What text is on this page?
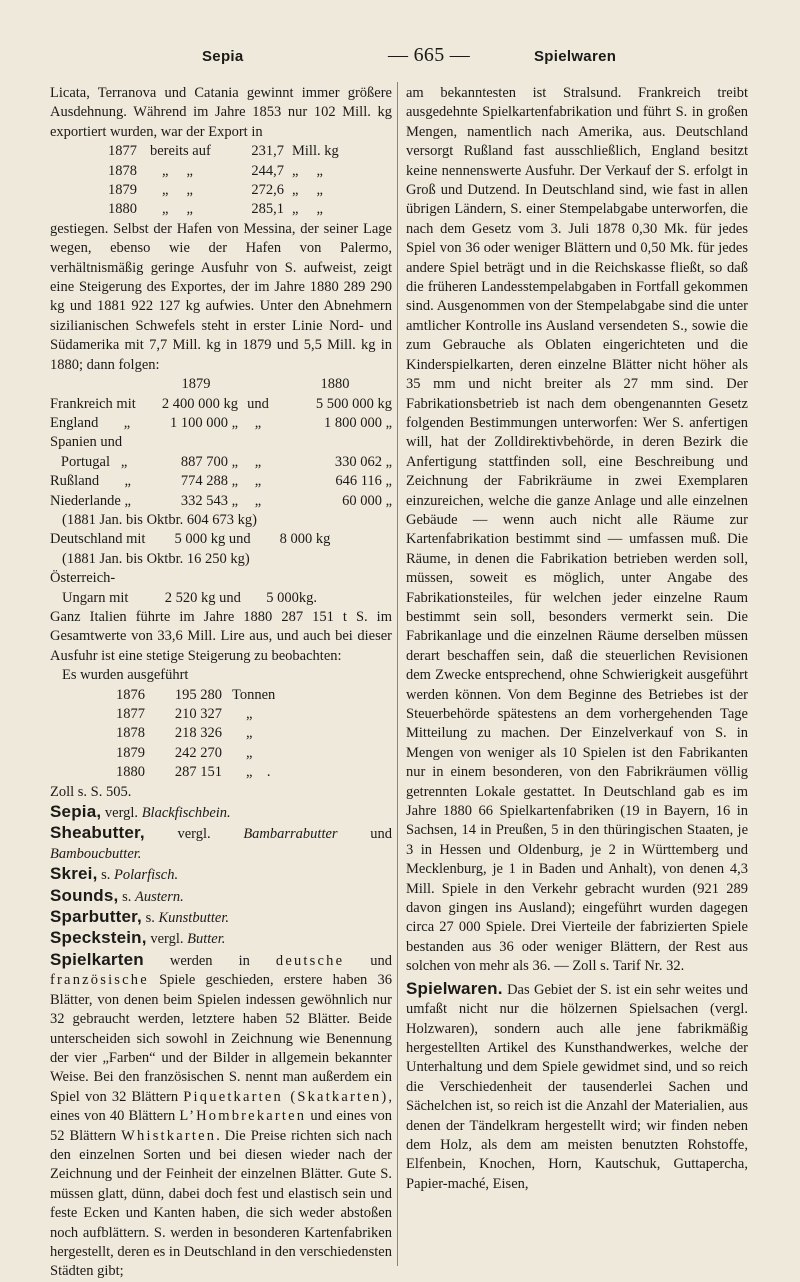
Sepia	— 665 —	Spielwaren

Licata, Terranova und Catania gewinnt immer größere Ausdehnung. Während im Jahre 1853 nur 102 Mill. kg exportiert wurden, war der Export in

1877	bereits auf	231,7	Mill. kg
1878	„     „	244,7	„     „
1879	„     „	272,6	„     „
1880	„     „	285,1	„     „

gestiegen. Selbst der Hafen von Messina, der seiner Lage wegen, ebenso wie der Hafen von Palermo, verhältnismäßig geringe Ausfuhr von S. aufweist, zeigt eine Steigerung des Exportes, der im Jahre 1880 289 290 kg und 1881 922 127 kg aufwies. Unter den Abnehmern sizilianischen Schwefels steht in erster Linie Nord- und Südamerika mit 7,7 Mill. kg in 1879 und 5,5 Mill. kg in 1880; dann folgen:

	1879		1880
Frankreich mit	2 400 000 kg	und	5 500 000 kg
England       „	1 100 000 „	„	1 800 000 „
Spanien und			
Portugal   „	887 700 „	„	330 062 „
Rußland       „	774 288 „	„	646 116 „
Niederlande „	332 543 „	„	60 000 „

(1881 Jan. bis Oktbr. 604 673 kg)

Deutschland mit        5 000 kg und        8 000 kg

(1881 Jan. bis Oktbr. 16 250 kg)

Österreich-

Ungarn mit          2 520 kg und       5 000kg.

Ganz Italien führte im Jahre 1880 287 151 t S. im Gesamtwerte von 33,6 Mill. Lire aus, und auch bei dieser Ausfuhr ist eine stetige Steigerung zu beobachten:

Es wurden ausgeführt

1876	195 280	Tonnen
1877	210 327	„
1878	218 326	„
1879	242 270	„
1880	287 151	„    .

Zoll s. S. 505.

Sepia, vergl. Blackfischbein.

Sheabutter, vergl. Bambarrabutter und Bamboucbutter.

Skrei, s. Polarfisch.

Sounds, s. Austern.

Sparbutter, s. Kunstbutter.

Speckstein, vergl. Butter.

Spielkarten werden in deutsche und französische Spiele geschieden, erstere haben 36 Blätter, von denen beim Spielen indessen gewöhnlich nur 32 gebraucht werden, letztere haben 52 Blätter. Beide unterscheiden sich sowohl in Zeichnung wie Benennung der vier „Farben“ und der Bilder in allgemein bekannter Weise. Bei den französischen S. nennt man außerdem ein Spiel von 32 Blättern Piquetkarten (Skatkarten), eines von 40 Blättern L’Hombrekarten und eines von 52 Blättern Whistkarten. Die Preise richten sich nach den einzelnen Sorten und bei diesen wieder nach der Zeichnung und der Feinheit der einzelnen Blätter. Gute S. müssen glatt, dünn, dabei doch fest und elastisch sein und feste Ecken und Kanten haben, die sich weder abstoßen noch aufblättern. S. werden in besonderen Kartenfabriken hergestellt, deren es in Deutschland in den verschiedensten Städten gibt;

am bekanntesten ist Stralsund. Frankreich treibt ausgedehnte Spielkartenfabrikation und führt S. in großen Mengen, namentlich nach Amerika, aus. Deutschland versorgt Rußland fast ausschließlich, England besitzt keine nennenswerte Ausfuhr. Der Verkauf der S. erfolgt in Groß und Dutzend. In Deutschland sind, wie fast in allen übrigen Ländern, S. einer Stempelabgabe unterworfen, die nach dem Gesetz vom 3. Juli 1878 0,30 Mk. für jedes Spiel von 36 oder weniger Blättern und 0,50 Mk. für jedes andere Spiel beträgt und in die Reichskasse fließt, so daß die früheren Landesstempelabgaben in Fortfall gekommen sind. Ausgenommen von der Stempelabgabe sind die unter amtlicher Kontrolle ins Ausland versendeten S., sowie die zum Gebrauche als Oblaten eingerichteten und die Kinderspielkarten, deren einzelne Blätter nicht höher als 35 mm und nicht breiter als 27 mm sind. Der Fabrikationsbetrieb ist nach dem obengenannten Gesetz folgenden Bestimmungen unterworfen: Wer S. anfertigen will, hat der Zolldirektivbehörde, in deren Bezirk die Anfertigung stattfinden soll, eine Beschreibung und Zeichnung der Fabrikräume in zwei Exemplaren einzureichen, welche die ganze Anlage und alle einzelnen Gebäude — wenn auch nicht alle Räume zur Kartenfabrikation bestimmt sind — umfassen muß. Die Räume, in denen die Fabrikation betrieben werden soll, müssen, soweit es möglich, unter Angabe des Fabrikationsteiles, für welchen jeder einzelne Raum bestimmt sein soll, besonders vermerkt sein. Die Fabrikanlage und die einzelnen Räume derselben müssen derart beschaffen sein, daß die steuerlichen Revisionen dem Zwecke entsprechend, ohne Schwierigkeit ausgeführt werden können. Von dem Beginne des Betriebes ist der Steuerbehörde spätestens an dem vorhergehenden Tage Mitteilung zu machen. Der Einzelverkauf von S. in Mengen von weniger als 10 Spielen ist den Fabrikanten nur in einem besonderen, von den Fabrikräumen völlig getrennten Lokale gestattet. In Deutschland gab es im Jahre 1880 66 Spielkartenfabriken (19 in Bayern, 16 in Sachsen, 14 in Preußen, 5 in den thüringischen Staaten, je 3 in Hessen und Oldenburg, je 2 in Württemberg und Mecklenburg, je 1 in Baden und Anhalt), von denen 4,3 Mill. Spiele in den Verkehr gebracht wurden (921 289 davon gingen ins Ausland); eingeführt wurden dagegen circa 27 000 Spiele. Drei Vierteile der fabrizierten Spiele bestanden aus 36 oder weniger Blättern, der Rest aus solchen von mehr als 36. — Zoll s. Tarif Nr. 32.

Spielwaren. Das Gebiet der S. ist ein sehr weites und umfaßt nicht nur die hölzernen Spielsachen (vergl. Holzwaren), sondern auch alle jene fabrikmäßig hergestellten Artikel des Kunsthandwerkes, welche der Unterhaltung und dem Spiele gewidmet sind, und so reich die Verschiedenheit der tausenderlei Sachen und Sächelchen ist, so reich ist die Anzahl der Materialien, aus denen der Tändelkram hergestellt wird; wir finden neben dem Holz, als dem am meisten benutzten Rohstoffe, Elfenbein, Knochen, Horn, Kautschuk, Guttapercha, Papier-maché, Eisen,
